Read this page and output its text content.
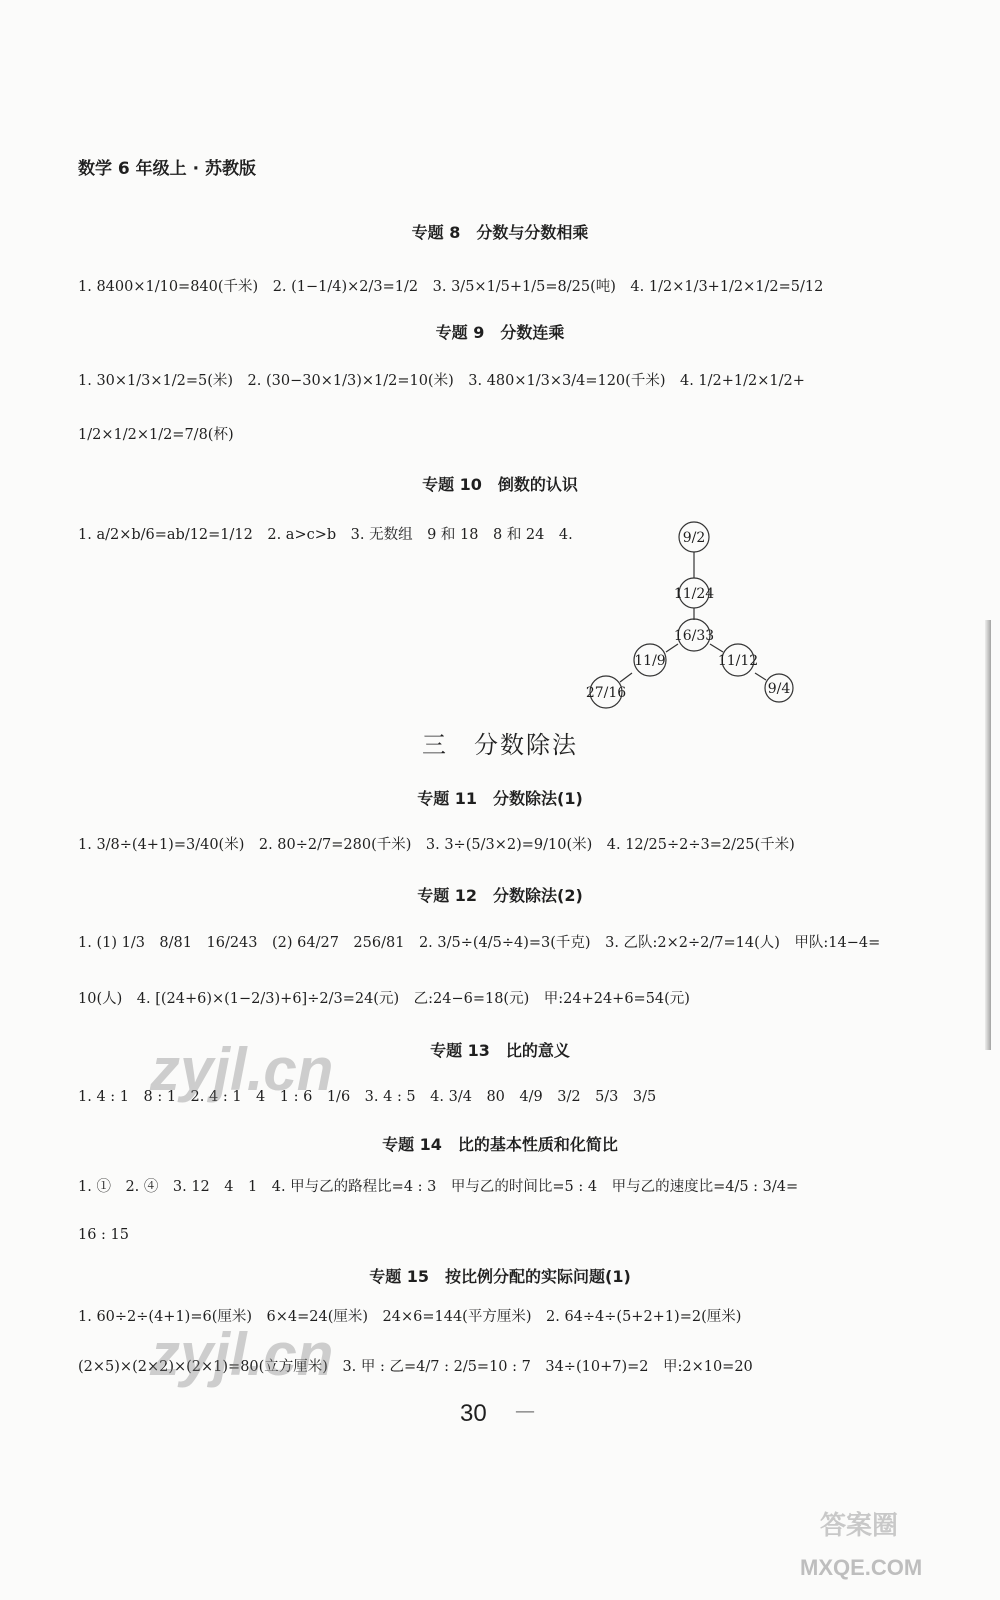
数学 6 年级上 · 苏教版
专题 8　分数与分数相乘
1. 8400×1/10=840(千米)　2. (1−1/4)×2/3=1/2　3. 3/5×1/5+1/5=8/25(吨)　4. 1/2×1/3+1/2×1/2=5/12
专题 9　分数连乘
1. 30×1/3×1/2=5(米)　2. (30−30×1/3)×1/2=10(米)　3. 480×1/3×3/4=120(千米)　4. 1/2+1/2×1/2+
1/2×1/2×1/2=7/8(杯)
专题 10　倒数的认识
1. a/2×b/6=ab/12=1/12　2. a>c>b　3. 无数组　9 和 18　8 和 24　4.	9/2
11/24
16/33
11/9	11/12
27/16	9/4
三　分数除法
专题 11　分数除法(1)
1. 3/8÷(4+1)=3/40(米)　2. 80÷2/7=280(千米)　3. 3÷(5/3×2)=9/10(米)　4. 12/25÷2÷3=2/25(千米)
专题 12　分数除法(2)
1. (1) 1/3　8/81　16/243　(2) 64/27　256/81　2. 3/5÷(4/5÷4)=3(千克)　3. 乙队:2×2÷2/7=14(人)　甲队:14−4=
10(人)　4. [(24+6)×(1−2/3)+6]÷2/3=24(元)　乙:24−6=18(元)　甲:24+24+6=54(元)
专题 13　比的意义
1. 4 : 1　8 : 1　2. 4 : 1　4　1 : 6　1/6　3. 4 : 5　4. 3/4　80　4/9　3/2　5/3　3/5
专题 14　比的基本性质和化简比
1. ①　2. ④　3. 12　4　1　4. 甲与乙的路程比=4 : 3　甲与乙的时间比=5 : 4　甲与乙的速度比=4/5 : 3/4=
16 : 15
专题 15　按比例分配的实际问题(1)
1. 60÷2÷(4+1)=6(厘米)　6×4=24(厘米)　24×6=144(平方厘米)　2. 64÷4÷(5+2+1)=2(厘米)
(2×5)×(2×2)×(2×1)=80(立方厘米)　3. 甲 : 乙=4/7 : 2/5=10 : 7　34÷(10+7)=2　甲:2×10=20
30 —
zyjl.cn
zyjl.cn
答案圈
MXQE.COM
